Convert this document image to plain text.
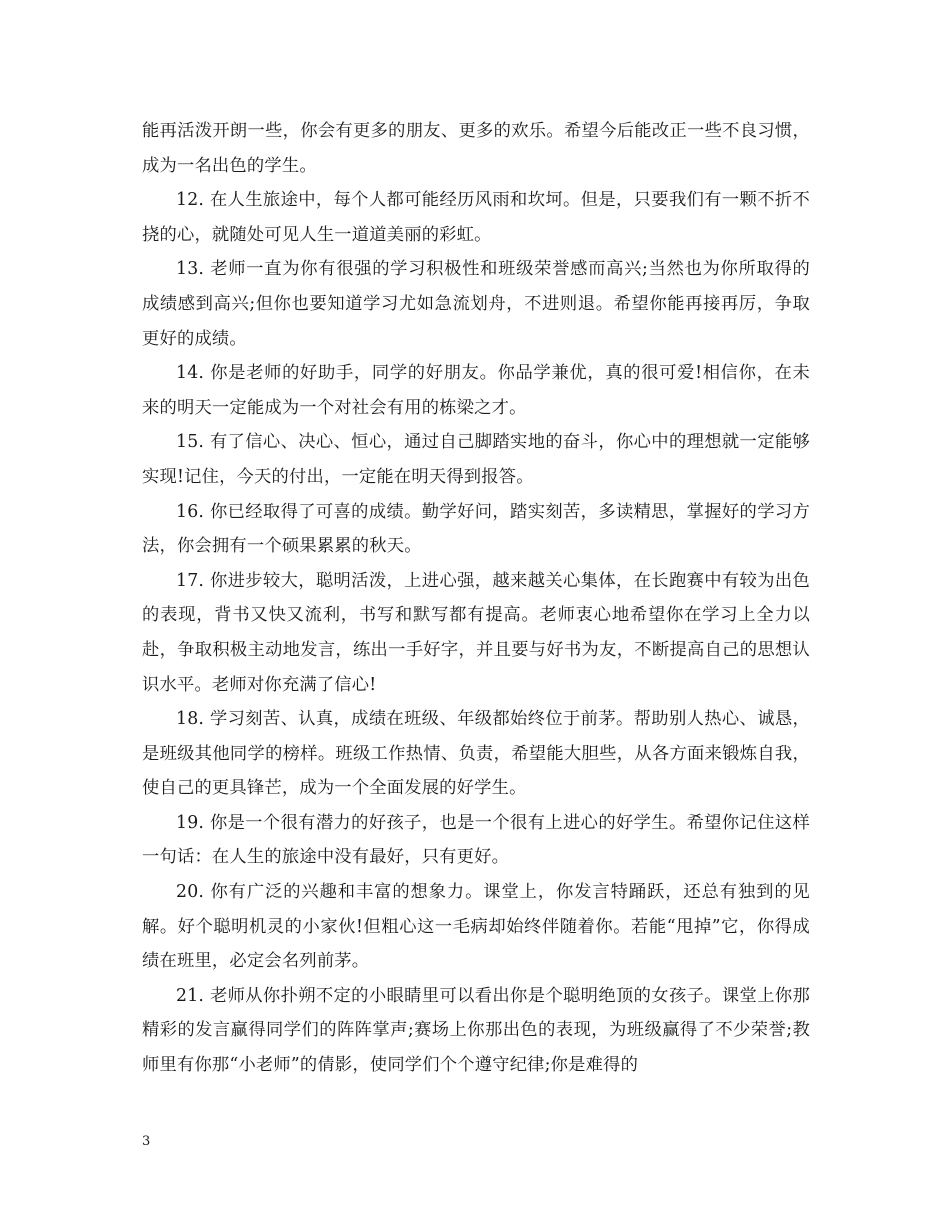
能再活泼开朗一些，你会有更多的朋友、更多的欢乐。希望今后能改正一些不良习惯，成为一名出色的学生。

12. 在人生旅途中，每个人都可能经历风雨和坎坷。但是，只要我们有一颗不折不挠的心，就随处可见人生一道道美丽的彩虹。

13. 老师一直为你有很强的学习积极性和班级荣誉感而高兴;当然也为你所取得的成绩感到高兴;但你也要知道学习尤如急流划舟，不进则退。希望你能再接再厉，争取更好的成绩。

14. 你是老师的好助手，同学的好朋友。你品学兼优，真的很可爱!相信你，在未来的明天一定能成为一个对社会有用的栋梁之才。

15. 有了信心、决心、恒心，通过自己脚踏实地的奋斗，你心中的理想就一定能够实现!记住，今天的付出，一定能在明天得到报答。

16. 你已经取得了可喜的成绩。勤学好问，踏实刻苦，多读精思，掌握好的学习方法，你会拥有一个硕果累累的秋天。

17. 你进步较大，聪明活泼，上进心强，越来越关心集体，在长跑赛中有较为出色的表现，背书又快又流利，书写和默写都有提高。老师衷心地希望你在学习上全力以赴，争取积极主动地发言，练出一手好字，并且要与好书为友，不断提高自己的思想认识水平。老师对你充满了信心!

18. 学习刻苦、认真，成绩在班级、年级都始终位于前茅。帮助别人热心、诚恳，是班级其他同学的榜样。班级工作热情、负责，希望能大胆些，从各方面来锻炼自我，使自己的更具锋芒，成为一个全面发展的好学生。

19. 你是一个很有潜力的好孩子，也是一个很有上进心的好学生。希望你记住这样一句话：在人生的旅途中没有最好，只有更好。

20. 你有广泛的兴趣和丰富的想象力。课堂上，你发言特踊跃，还总有独到的见解。好个聪明机灵的小家伙!但粗心这一毛病却始终伴随着你。若能“甩掉”它，你得成绩在班里，必定会名列前茅。

21. 老师从你扑朔不定的小眼睛里可以看出你是个聪明绝顶的女孩子。课堂上你那精彩的发言赢得同学们的阵阵掌声;赛场上你那出色的表现，为班级赢得了不少荣誉;教师里有你那“小老师”的倩影，使同学们个个遵守纪律;你是难得的

3
